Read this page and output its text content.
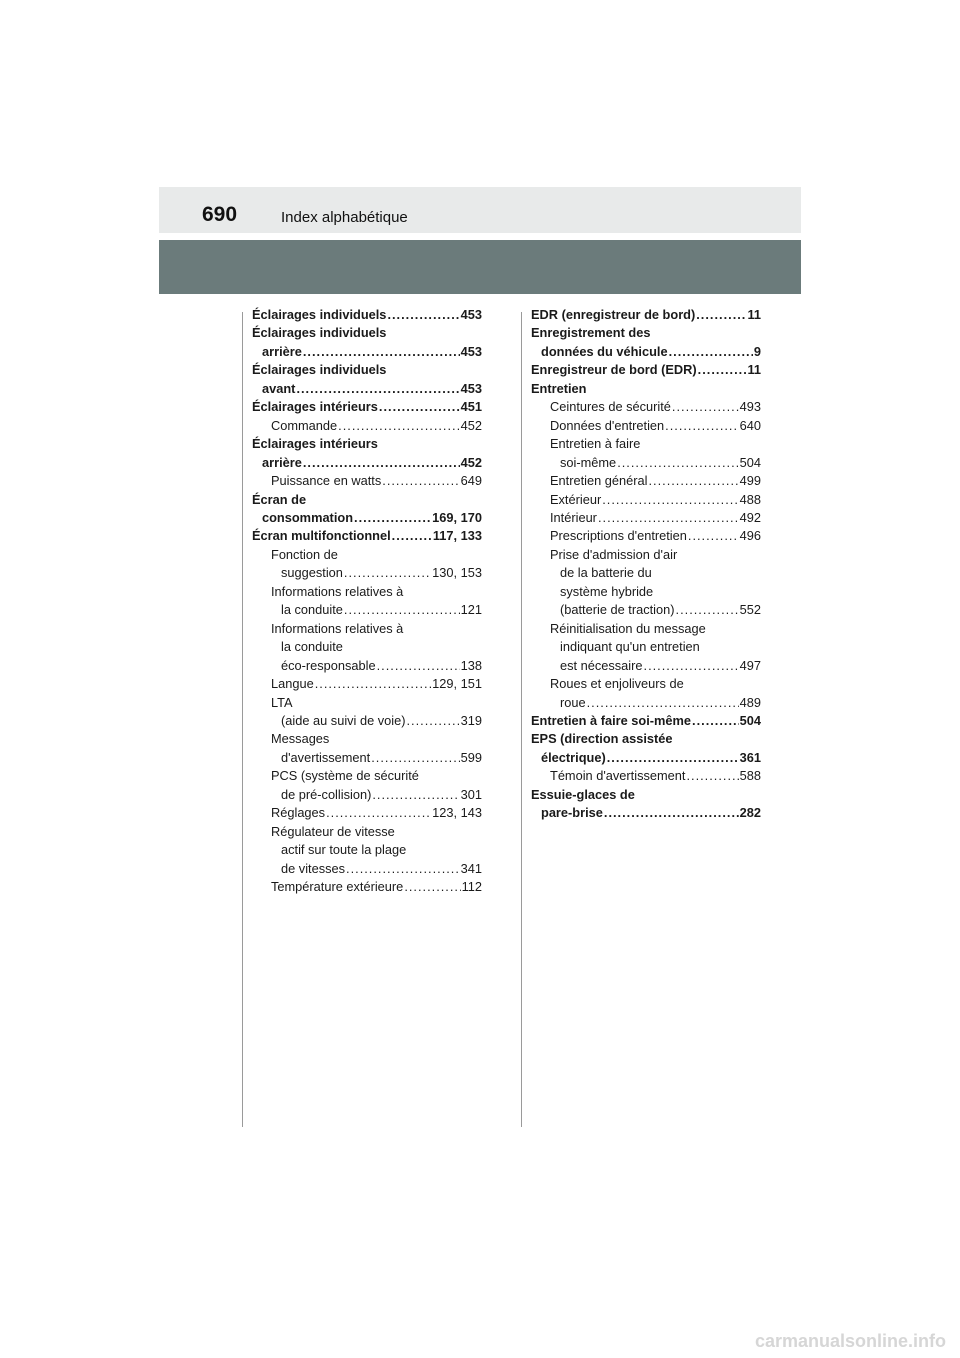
690	Index alphabétique
Éclairages individuels .....	453
Éclairages individuels
arrière .....	453
Éclairages individuels
avant .....	453
Éclairages intérieurs .....	451
Commande .....	452
Éclairages intérieurs
arrière .....	452
Puissance en watts .....	649
Écran de
consommation .....	169, 170
Écran multifonctionnel .....	117, 133
Fonction de
suggestion .....	130, 153
Informations relatives à
la conduite .....	121
Informations relatives à
la conduite
éco-responsable .....	138
Langue .....	129, 151
LTA
(aide au suivi de voie) .....	319
Messages
d'avertissement .....	599
PCS (système de sécurité
de pré-collision) .....	301
Réglages .....	123, 143
Régulateur de vitesse
actif sur toute la plage
de vitesses .....	341
Température extérieure .....	112
EDR (enregistreur de bord) .....	11
Enregistrement des
données du véhicule .....	9
Enregistreur de bord (EDR) .....	11
Entretien
Ceintures de sécurité .....	493
Données d'entretien .....	640
Entretien à faire
soi-même .....	504
Entretien général .....	499
Extérieur .....	488
Intérieur .....	492
Prescriptions d'entretien .....	496
Prise d'admission d'air
de la batterie du
système hybride
(batterie de traction) .....	552
Réinitialisation du message
indiquant qu'un entretien
est nécessaire .....	497
Roues et enjoliveurs de
roue .....	489
Entretien à faire soi-même .....	504
EPS (direction assistée
électrique) .....	361
Témoin d'avertissement .....	588
Essuie-glaces de
pare-brise .....	282
carmanualsonline.info
